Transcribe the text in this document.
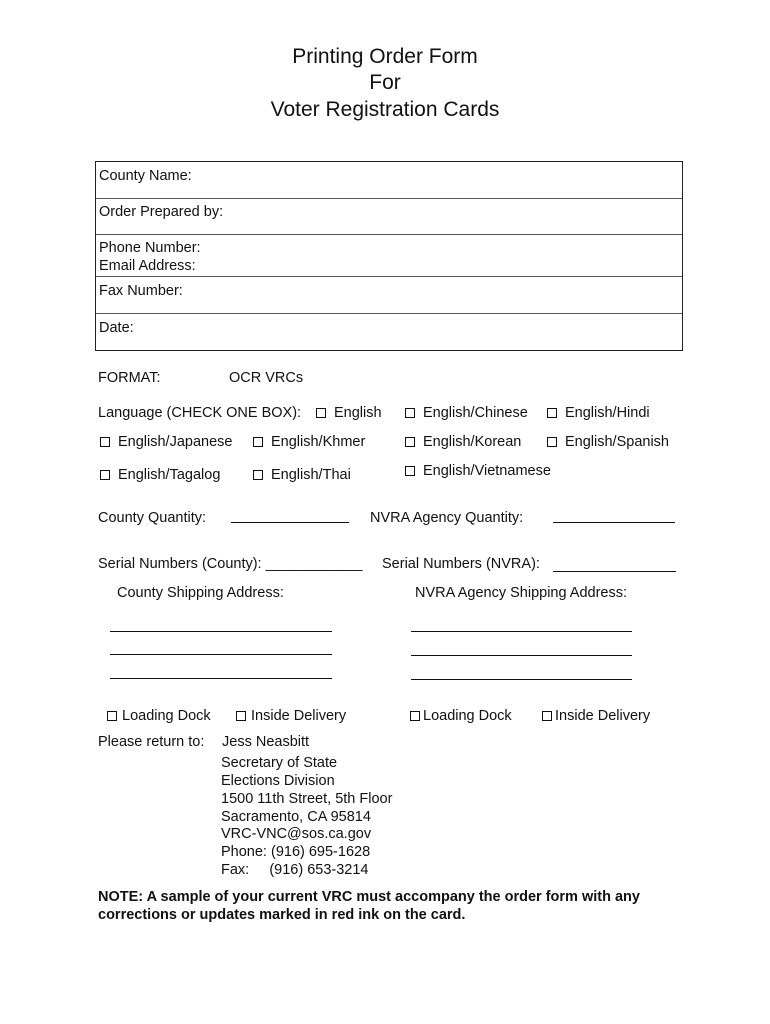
Printing Order Form
For
Voter Registration Cards
County Name:
Order Prepared by:
Phone Number:
Email Address:
Fax Number:
Date:
FORMAT:	OCR VRCs
Language (CHECK ONE BOX):	English	English/Chinese	English/Hindi
English/Japanese	English/Khmer	English/Korean	English/Spanish
English/Tagalog	English/Thai	English/Vietnamese
County Quantity:	NVRA Agency Quantity:
Serial Numbers (County): ____________ Serial Numbers (NVRA):
County Shipping Address:	NVRA Agency Shipping Address:
Loading Dock	Inside Delivery	Loading Dock	Inside Delivery
Please return to: Jess Neasbitt
Secretary of State
Elections Division
1500 11th Street, 5th Floor
Sacramento, CA 95814
VRC-VNC@sos.ca.gov
Phone: (916) 695-1628
Fax:     (916) 653-3214
NOTE: A sample of your current VRC must accompany the order form with any
corrections or updates marked in red ink on the card.
